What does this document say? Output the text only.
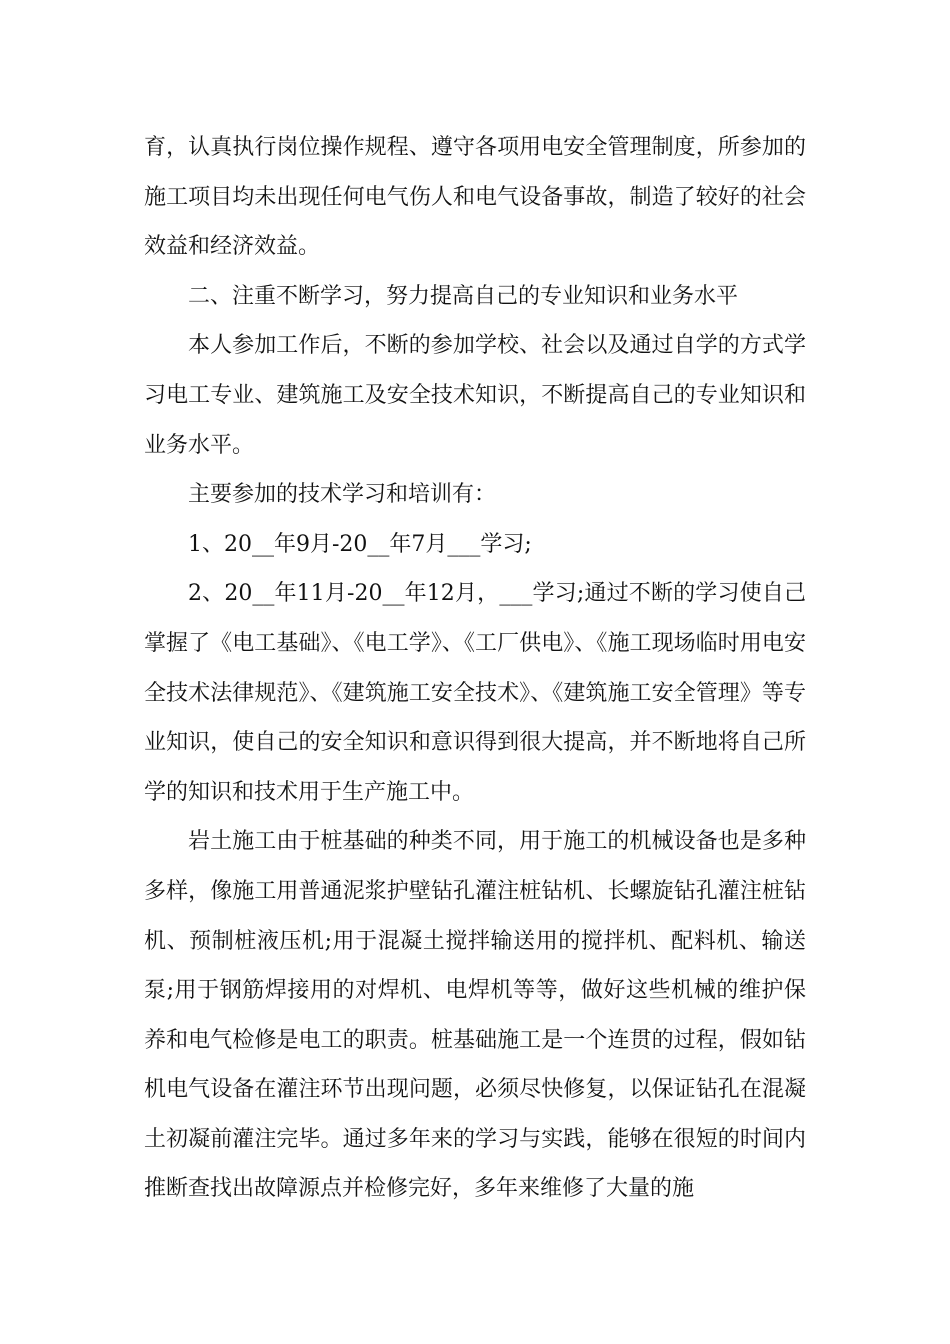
育，认真执行岗位操作规程、遵守各项用电安全管理制度，所参加的施工项目均未出现任何电气伤人和电气设备事故，制造了较好的社会效益和经济效益。

二、注重不断学习，努力提高自己的专业知识和业务水平

本人参加工作后，不断的参加学校、社会以及通过自学的方式学习电工专业、建筑施工及安全技术知识，不断提高自己的专业知识和业务水平。

主要参加的技术学习和培训有：

1、20__年9月-20__年7月___学习;

2、20__年11月-20__年12月，___学习;通过不断的学习使自己掌握了《电工基础》、《电工学》、《工厂供电》、《施工现场临时用电安全技术法律规范》、《建筑施工安全技术》、《建筑施工安全管理》等专业知识，使自己的安全知识和意识得到很大提高，并不断地将自己所学的知识和技术用于生产施工中。

岩土施工由于桩基础的种类不同，用于施工的机械设备也是多种多样，像施工用普通泥浆护壁钻孔灌注桩钻机、长螺旋钻孔灌注桩钻机、预制桩液压机;用于混凝土搅拌输送用的搅拌机、配料机、输送泵;用于钢筋焊接用的对焊机、电焊机等等，做好这些机械的维护保养和电气检修是电工的职责。桩基础施工是一个连贯的过程，假如钻机电气设备在灌注环节出现问题，必须尽快修复，以保证钻孔在混凝土初凝前灌注完毕。通过多年来的学习与实践，能够在很短的时间内推断查找出故障源点并检修完好，多年来维修了大量的施
